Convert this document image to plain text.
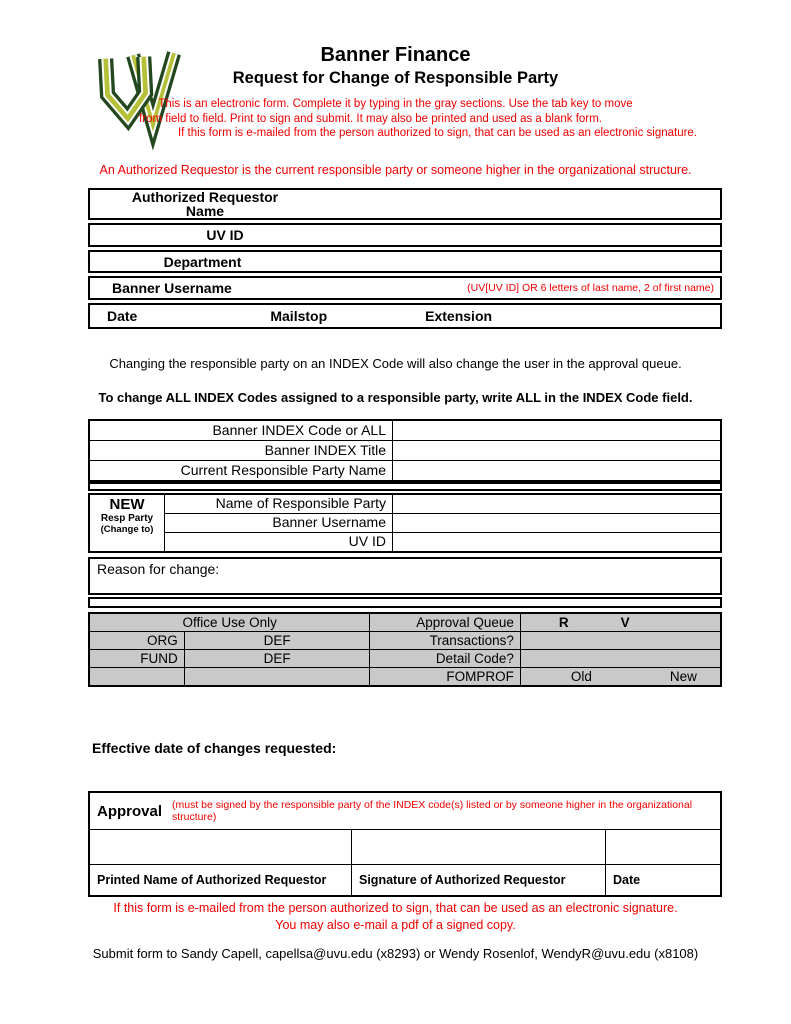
Banner Finance
Request for Change of Responsible Party
This is an electronic form. Complete it by typing in the gray sections. Use the tab key to move
from field to field. Print to sign and submit. It may also be printed and used as a blank form.
If this form is e-mailed from the person authorized to sign, that can be used as an electronic signature.
An Authorized Requestor is the current responsible party or someone higher in the organizational structure.
Authorized Requestor Name
UV ID
Department
Banner Username	(UV[UV ID] OR 6 letters of last name, 2 of first name)
Date	Mailstop	Extension
Changing the responsible party on an INDEX Code will also change the user in the approval queue.
To change ALL INDEX Codes assigned to a responsible party, write ALL in the INDEX Code field.
Banner INDEX Code or ALL
Banner INDEX Title
Current Responsible Party Name
NEW
Resp Party
(Change to)
Name of Responsible Party
Banner Username
UV ID
Reason for change:
Office Use Only		Approval Queue	R V
ORG	DEF	Transactions?	
FUND	DEF	Detail Code?	
		FOMPROF	Old New
Effective date of changes requested:
Approval (must be signed by the responsible party of the INDEX code(s) listed or by someone higher in the organizational structure)
Printed Name of Authorized Requestor	Signature of Authorized Requestor	Date
If this form is e-mailed from the person authorized to sign, that can be used as an electronic signature.
You may also e-mail a pdf of a signed copy.
Submit form to Sandy Capell, capellsa@uvu.edu (x8293) or Wendy Rosenlof, WendyR@uvu.edu (x8108)
